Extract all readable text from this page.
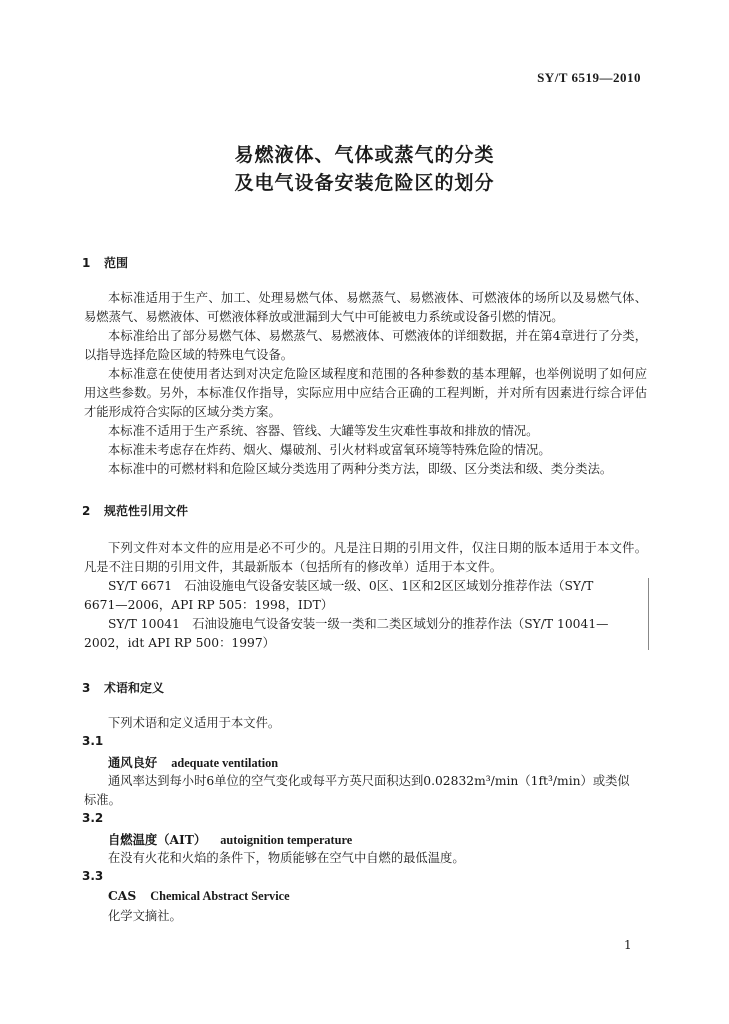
SY/T 6519—2010
易燃液体、气体或蒸气的分类
及电气设备安装危险区的划分
1 范围
本标准适用于生产、加工、处理易燃气体、易燃蒸气、易燃液体、可燃液体的场所以及易燃气体、易燃蒸气、易燃液体、可燃液体释放或泄漏到大气中可能被电力系统或设备引燃的情况。
本标准给出了部分易燃气体、易燃蒸气、易燃液体、可燃液体的详细数据，并在第4章进行了分类，以指导选择危险区域的特殊电气设备。
本标准意在使使用者达到对决定危险区域程度和范围的各种参数的基本理解，也举例说明了如何应用这些参数。另外，本标准仅作指导，实际应用中应结合正确的工程判断，并对所有因素进行综合评估才能形成符合实际的区域分类方案。
本标准不适用于生产系统、容器、管线、大罐等发生灾难性事故和排放的情况。
本标准未考虑存在炸药、烟火、爆破剂、引火材料或富氧环境等特殊危险的情况。
本标准中的可燃材料和危险区域分类选用了两种分类方法，即级、区分类法和级、类分类法。
2 规范性引用文件
下列文件对本文件的应用是必不可少的。凡是注日期的引用文件，仅注日期的版本适用于本文件。凡是不注日期的引用文件，其最新版本（包括所有的修改单）适用于本文件。
SY/T 6671　石油设施电气设备安装区域一级、0区、1区和2区区域划分推荐作法（SY/T
6671—2006，API RP 505：1998，IDT）
SY/T 10041　石油设施电气设备安装一级一类和二类区域划分的推荐作法（SY/T 10041—
2002，idt API RP 500：1997）
3 术语和定义
下列术语和定义适用于本文件。
3.1
通风良好 adequate ventilation
通风率达到每小时6单位的空气变化或每平方英尺面积达到0.02832m³/min（1ft³/min）或类似
标准。
3.2
自燃温度（AIT） autoignition temperature
在没有火花和火焰的条件下，物质能够在空气中自燃的最低温度。
3.3
CAS Chemical Abstract Service
化学文摘社。
1
